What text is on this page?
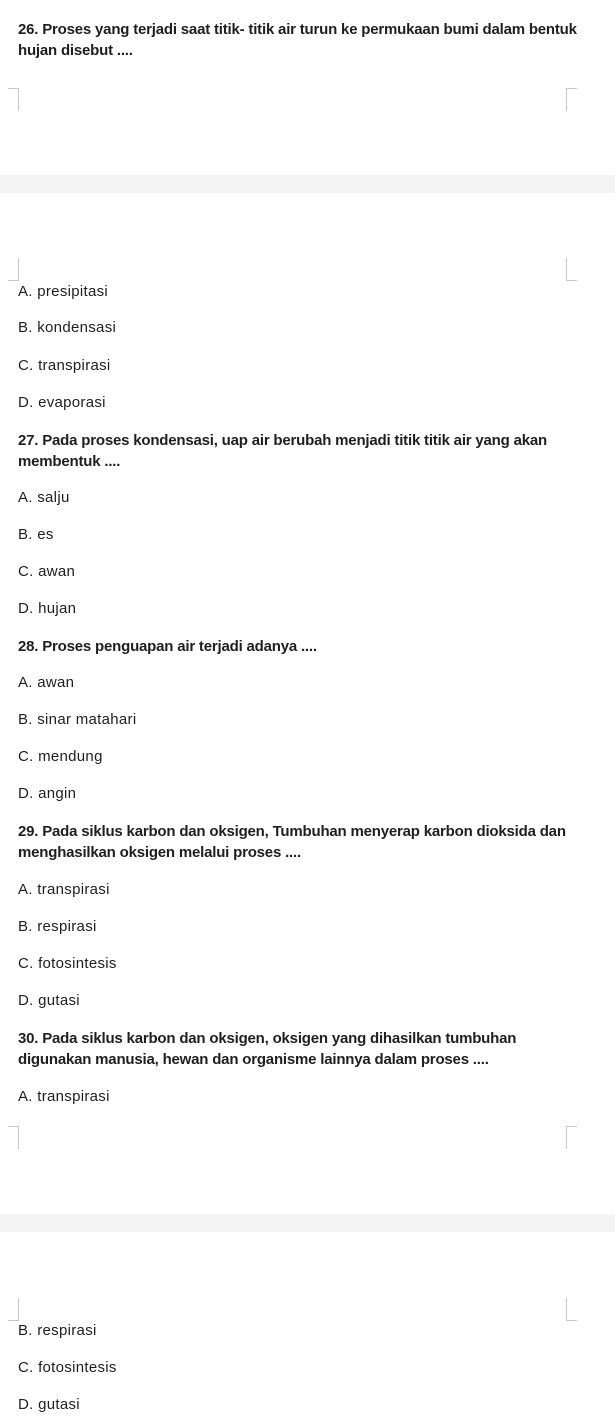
26. Proses yang terjadi saat titik- titik air turun ke permukaan bumi dalam bentuk hujan disebut ....
A. presipitasi
B. kondensasi
C. transpirasi
D. evaporasi
27. Pada proses kondensasi, uap air berubah menjadi titik titik air yang akan membentuk ....
A. salju
B. es
C. awan
D. hujan
28. Proses penguapan air terjadi adanya ....
A. awan
B. sinar matahari
C. mendung
D. angin
29. Pada siklus karbon dan oksigen, Tumbuhan menyerap karbon dioksida dan menghasilkan oksigen melalui proses ....
A. transpirasi
B. respirasi
C. fotosintesis
D. gutasi
30. Pada siklus karbon dan oksigen, oksigen yang dihasilkan tumbuhan digunakan manusia, hewan dan organisme lainnya dalam proses ....
A. transpirasi
B. respirasi
C. fotosintesis
D. gutasi
